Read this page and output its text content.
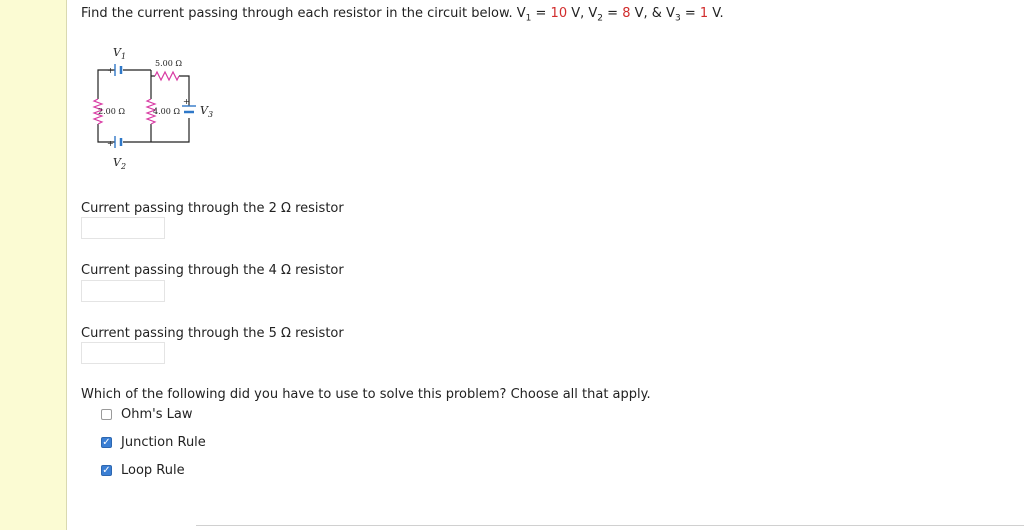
Find the current passing through each resistor in the circuit below. $V_1 = 10$ V, $V_2 = 8$ V, & $V_3 = 1$ V.
$V_1$
+
5.00 Ω
2.00 Ω	4.00 Ω
+
$V_3$
+
$V_2$
Current passing through the 2 Ω resistor
Current passing through the 4 Ω resistor
Current passing through the 5 Ω resistor
Which of the following did you have to use to solve this problem? Choose all that apply.
Ohm's Law
✓ Junction Rule
✓ Loop Rule
